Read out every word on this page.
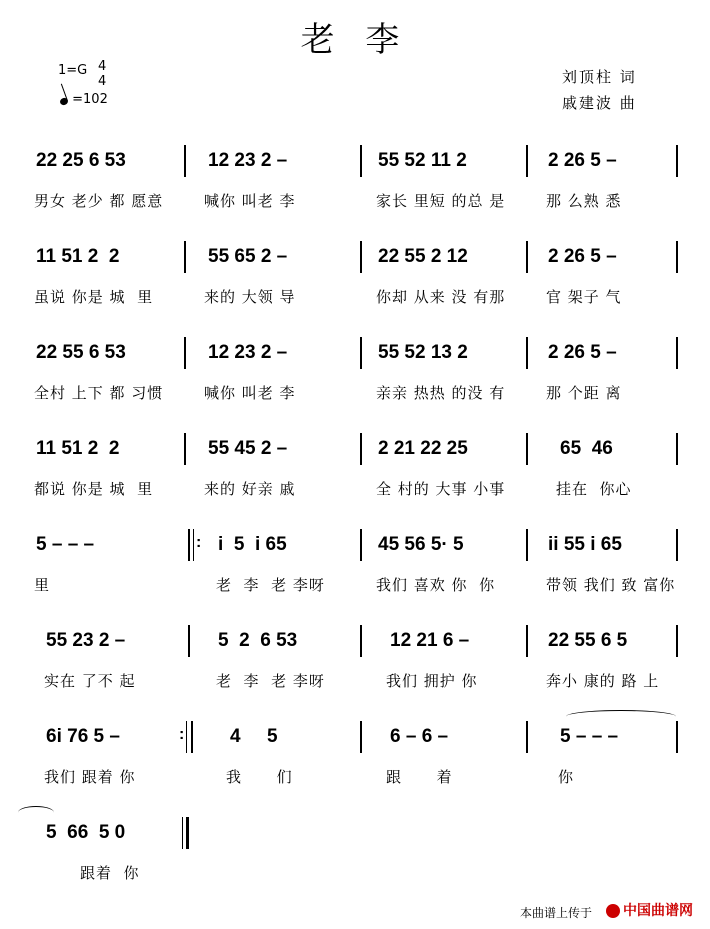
老 李
1=G 4
4
=102
刘顶柱 词
戚建波 曲
22 25 6 53	12 23 2 –	55 52 11 2	2 26 5 –
男女 老少 都 愿意	喊你 叫老 李	家长 里短 的总 是	那 么熟 悉
11 51 2  2	55 65 2 –	22 55 2 12	2 26 5 –
虽说 你是 城  里	来的 大领 导	你却 从来 没 有那	官 架子 气
22 55 6 53	12 23 2 –	55 52 13 2	2 26 5 –
全村 上下 都 习惯	喊你 叫老 李	亲亲 热热 的没 有	那 个距 离
11 51 2  2	55 45 2 –	2 21 22 25	65  46
都说 你是 城  里	来的 好亲 戚	全 村的 大事 小事	挂在  你心
5 – – –	: i  5  i 65	45 56 5· 5	ii 55 i 65
里	老  李  老 李呀	我们 喜欢 你  你	带领 我们 致 富你
55 23 2 –	5  2  6 53	12 21 6 –	22 55 6 5
实在 了不 起	老  李  老 李呀	我们 拥护 你	奔小 康的 路 上
6i 76 5 –	: 4     5	6 – 6 –	5 – – –
我们 跟着 你	我      们	跟      着	你
5  66  5 0
跟着  你
本曲谱上传于	中国曲谱网
